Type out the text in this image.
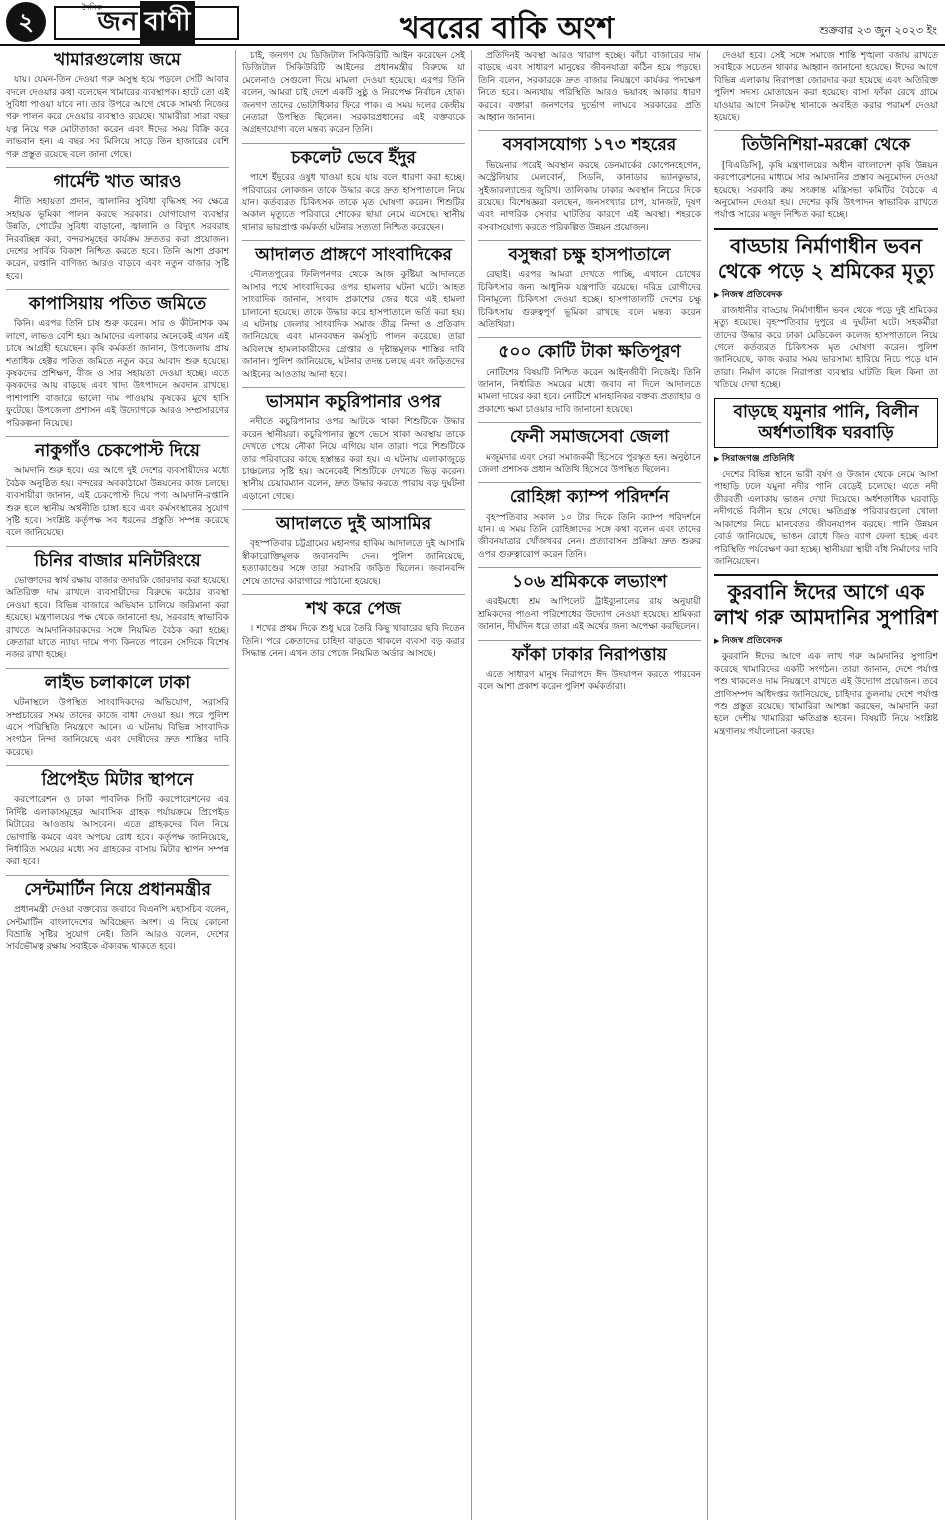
২	জন বাণী
দৈনিক
খবরের বাকি অংশ	শুক্রবার ২৩ জুন ২০২৩ ইং
খামারগুলোয় জমে

যায়। যেমন-তিন দেওয়া গরু অসুস্থ হয়ে পড়লে সেটি আবার বদলে দেওয়ার কথা বলেছেন খামারের ব্যবস্থাপক। হাটে তো এই সুবিধা পাওয়া যাবে না। তার উপরে আগে থেকে সামর্থ্য নিজের গরু পালন করে দেওয়ার ব্যবস্থাও রয়েছে। খামারীরা সারা বছর যত্ন নিয়ে গরু মোটাতাজা করেন এবং ঈদের সময় বিক্রি করে লাভবান হন। এ বছর সব মিলিয়ে সাড়ে তিন হাজারের বেশি গরু প্রস্তুত রয়েছে বলে জানা গেছে।

গার্মেন্ট খাত আরও

নীতি সহায়তা প্রদান, জ্বালানির সুবিধা বৃদ্ধিসহ সব ক্ষেত্রে সহায়ক ভূমিকা পালন করছে সরকার। যোগাযোগ ব্যবস্থার উন্নতি, পোর্টের সুবিধা বাড়ানো, জ্বালানি ও বিদ্যুৎ সরবরাহ নিরবচ্ছিন্ন করা, বন্দরসমূহের কার্যক্রম দ্রুততর করা প্রয়োজন। দেশের সার্বিক বিকাশ নিশ্চিত করতে হবে। তিনি আশা প্রকাশ করেন, রপ্তানি বাণিজ্য আরও বাড়বে এবং নতুন বাজার সৃষ্টি হবে।

কাপাসিয়ায় পতিত জমিতে

কিনি। এরপর তিনি চাষ শুরু করেন। সার ও কীটনাশক কম লাগে, লাভও বেশি হয়। আমাদের এলাকার অনেকেই এখন এই চাষে আগ্রহী হয়েছেন। কৃষি কর্মকর্তা জানান, উপজেলায় প্রায় শতাধিক হেক্টর পতিত জমিতে নতুন করে আবাদ শুরু হয়েছে। কৃষকদের প্রশিক্ষণ, বীজ ও সার সহায়তা দেওয়া হচ্ছে। এতে কৃষকদের আয় বাড়ছে এবং খাদ্য উৎপাদনে অবদান রাখছে। পাশাপাশি বাজারে ভালো দাম পাওয়ায় কৃষকের মুখে হাসি ফুটেছে। উপজেলা প্রশাসন এই উদ্যোগকে আরও সম্প্রসারণের পরিকল্পনা নিয়েছে।

নাকুগাঁও চেকপোস্ট দিয়ে

আমদানি শুরু হবে। এর আগে দুই দেশের ব্যবসায়ীদের মধ্যে বৈঠক অনুষ্ঠিত হয়। বন্দরের অবকাঠামো উন্নয়নের কাজ চলছে। ব্যবসায়ীরা জানান, এই চেকপোস্ট দিয়ে পণ্য আমদানি-রপ্তানি শুরু হলে স্থানীয় অর্থনীতি চাঙ্গা হবে এবং কর্মসংস্থানের সুযোগ সৃষ্টি হবে। সংশ্লিষ্ট কর্তৃপক্ষ সব ধরনের প্রস্তুতি সম্পন্ন করেছে বলে জানিয়েছে।

চিনির বাজার মনিটরিংয়ে

ভোক্তাদের স্বার্থ রক্ষায় বাজার তদারকি জোরদার করা হয়েছে। অতিরিক্ত দাম রাখলে ব্যবসায়ীদের বিরুদ্ধে কঠোর ব্যবস্থা নেওয়া হবে। বিভিন্ন বাজারে অভিযান চালিয়ে জরিমানা করা হয়েছে। মন্ত্রণালয়ের পক্ষ থেকে জানানো হয়, সরবরাহ স্বাভাবিক রাখতে আমদানিকারকদের সঙ্গে নিয়মিত বৈঠক করা হচ্ছে। ক্রেতারা যাতে ন্যায্য দামে পণ্য কিনতে পারেন সেদিকে বিশেষ নজর রাখা হচ্ছে।

লাইভ চলাকালে ঢাকা

ঘটনাস্থলে উপস্থিত সাংবাদিকদের অভিযোগ, সরাসরি সম্প্রচারের সময় তাদের কাজে বাধা দেওয়া হয়। পরে পুলিশ এসে পরিস্থিতি নিয়ন্ত্রণে আনে। এ ঘটনায় বিভিন্ন সাংবাদিক সংগঠন নিন্দা জানিয়েছে এবং দোষীদের দ্রুত শাস্তির দাবি করেছে।

প্রিপেইড মিটার স্থাপনে

করপোরেশন ও ঢাকা পাবলিক সিটি করপোরেশনের এর নির্দিষ্ট এলাকাসমূহের আবাসিক গ্রাহক পর্যায়ক্রমে প্রিপেইড মিটারের আওতায় আসবেন। এতে গ্রাহকদের বিল নিয়ে ভোগান্তি কমবে এবং অপচয় রোধ হবে। কর্তৃপক্ষ জানিয়েছে, নির্ধারিত সময়ের মধ্যে সব গ্রাহকের বাসায় মিটার স্থাপন সম্পন্ন করা হবে।

সেন্টমার্টিন নিয়ে প্রধানমন্ত্রীর

প্রধানমন্ত্রী দেওয়া বক্তব্যের জবাবে বিএনপি মহাসচিব বলেন, সেন্টমার্টিন বাংলাদেশের অবিচ্ছেদ্য অংশ। এ নিয়ে কোনো বিভ্রান্তি সৃষ্টির সুযোগ নেই। তিনি আরও বলেন, দেশের সার্বভৌমত্ব রক্ষায় সবাইকে ঐক্যবদ্ধ থাকতে হবে।

চাই, জনগণ যে ডিজিটাল সিকিউরিটি আইন করেছেন সেই ডিজিটাল সিকিউরিটি আইনের প্রধানমন্ত্রীর বিরুদ্ধে যা মেলেনাও সেগুলো দিয়ে মামলা দেওয়া হয়েছে। এরপর তিনি বলেন, আমরা চাই দেশে একটি সুষ্ঠু ও নিরপেক্ষ নির্বাচন হোক। জনগণ তাদের ভোটাধিকার ফিরে পাক। এ সময় দলের কেন্দ্রীয় নেতারা উপস্থিত ছিলেন। সরকারপ্রধানের এই বক্তব্যকে অগ্রহণযোগ্য বলে মন্তব্য করেন তিনি।

চকলেট ভেবে ইঁদুর

পাশে ইঁদুরের ওষুধ খাওয়া হয়ে যায় বলে ধারণা করা হচ্ছে। পরিবারের লোকজন তাকে উদ্ধার করে দ্রুত হাসপাতালে নিয়ে যান। কর্তব্যরত চিকিৎসক তাকে মৃত ঘোষণা করেন। শিশুটির অকাল মৃত্যুতে পরিবারে শোকের ছায়া নেমে এসেছে। স্থানীয় থানার ভারপ্রাপ্ত কর্মকর্তা ঘটনার সত্যতা নিশ্চিত করেছেন।

আদালত প্রাঙ্গণে সাংবাদিকের

দৌলতপুরের ফিলিপনগর থেকে আজ কুষ্টিয়া আদালতে আসার পথে সাংবাদিকের ওপর হামলার ঘটনা ঘটে। আহত সাংবাদিক জানান, সংবাদ প্রকাশের জের ধরে এই হামলা চালানো হয়েছে। তাকে উদ্ধার করে হাসপাতালে ভর্তি করা হয়। এ ঘটনায় জেলার সাংবাদিক সমাজ তীব্র নিন্দা ও প্রতিবাদ জানিয়েছে এবং মানববন্ধন কর্মসূচি পালন করেছে। তারা অবিলম্বে হামলাকারীদের গ্রেপ্তার ও দৃষ্টান্তমূলক শাস্তির দাবি জানান। পুলিশ জানিয়েছে, ঘটনার তদন্ত চলছে এবং জড়িতদের আইনের আওতায় আনা হবে।

ভাসমান কচুরিপানার ওপর

নদীতে কচুরিপানার ওপর আটকে থাকা শিশুটিকে উদ্ধার করেন স্থানীয়রা। কচুরিপানার স্তূপে ভেসে থাকা অবস্থায় তাকে দেখতে পেয়ে নৌকা নিয়ে এগিয়ে যান তারা। পরে শিশুটিকে তার পরিবারের কাছে হস্তান্তর করা হয়। এ ঘটনায় এলাকাজুড়ে চাঞ্চল্যের সৃষ্টি হয়। অনেকেই শিশুটিকে দেখতে ভিড় করেন। স্থানীয় চেয়ারম্যান বলেন, দ্রুত উদ্ধার করতে পারায় বড় দুর্ঘটনা এড়ানো গেছে।

আদালতে দুই আসামির

বৃহস্পতিবার চট্টগ্রামের মহানগর হাকিম আদালতে দুই আসামি স্বীকারোক্তিমূলক জবানবন্দি দেন। পুলিশ জানিয়েছে, হত্যাকাণ্ডের সঙ্গে তারা সরাসরি জড়িত ছিলেন। জবানবন্দি শেষে তাদের কারাগারে পাঠানো হয়েছে।

শখ করে পেজ

। শখের প্রথম দিকে শুধু ঘরে তৈরি কিছু খাবারের ছবি দিতেন তিনি। পরে ক্রেতাদের চাহিদা বাড়তে থাকলে ব্যবসা বড় করার সিদ্ধান্ত নেন। এখন তার পেজে নিয়মিত অর্ডার আসছে।

প্রতিদিনই অবস্থা আরও খারাপ হচ্ছে। কাঁচা বাজারের দাম বাড়ছে এবং সাধারণ মানুষের জীবনযাত্রা কঠিন হয়ে পড়ছে। তিনি বলেন, সরকারকে দ্রুত বাজার নিয়ন্ত্রণে কার্যকর পদক্ষেপ নিতে হবে। অন্যথায় পরিস্থিতি আরও ভয়াবহ আকার ধারণ করবে। বক্তারা জনগণের দুর্ভোগ লাঘবে সরকারের প্রতি আহ্বান জানান।

বসবাসযোগ্য ১৭৩ শহরের

ভিয়েনার পরেই অবস্থান করছে ডেনমার্কের কোপেনহেগেন, অস্ট্রেলিয়ার মেলবোর্ন, সিডনি, কানাডার ভ্যানকুভার, সুইজারল্যান্ডের জুরিখ। তালিকায় ঢাকার অবস্থান নিচের দিকে রয়েছে। বিশেষজ্ঞরা বলছেন, জনসংখ্যার চাপ, যানজট, দূষণ এবং নাগরিক সেবার ঘাটতির কারণে এই অবস্থা। শহরকে বসবাসযোগ্য করতে পরিকল্পিত উন্নয়ন প্রয়োজন।

বসুন্ধরা চক্ষু হাসপাতালে

রেছাই। এরপর আমরা দেখতে পাচ্ছি, এখানে চোখের চিকিৎসার জন্য আধুনিক যন্ত্রপাতি রয়েছে। দরিদ্র রোগীদের বিনামূল্যে চিকিৎসা দেওয়া হচ্ছে। হাসপাতালটি দেশের চক্ষু চিকিৎসায় গুরুত্বপূর্ণ ভূমিকা রাখছে বলে মন্তব্য করেন অতিথিরা।

৫০০ কোটি টাকা ক্ষতিপূরণ

নোটিশের বিষয়টি নিশ্চিত করেন আইনজীবী নিজেই। তিনি জানান, নির্ধারিত সময়ের মধ্যে জবাব না দিলে আদালতে মামলা দায়ের করা হবে। নোটিশে মানহানিকর বক্তব্য প্রত্যাহার ও প্রকাশ্যে ক্ষমা চাওয়ার দাবি জানানো হয়েছে।

ফেনী সমাজসেবা জেলা

মজুমদার এবং সেরা সমাজকর্মী হিসেবে পুরস্কৃত হন। অনুষ্ঠানে জেলা প্রশাসক প্রধান অতিথি হিসেবে উপস্থিত ছিলেন।

রোহিঙ্গা ক্যাম্প পরিদর্শন

বৃহস্পতিবার সকাল ১০ টার দিকে তিনি ক্যাম্প পরিদর্শনে যান। এ সময় তিনি রোহিঙ্গাদের সঙ্গে কথা বলেন এবং তাদের জীবনযাত্রার খোঁজখবর নেন। প্রত্যাবাসন প্রক্রিয়া দ্রুত শুরুর ওপর গুরুত্বারোপ করেন তিনি।

১০৬ শ্রমিককে লভ্যাংশ

এরইমধ্যে শ্রম আপিলেট ট্রাইব্যুনালের রায় অনুযায়ী শ্রমিকদের পাওনা পরিশোধের উদ্যোগ নেওয়া হয়েছে। শ্রমিকরা জানান, দীর্ঘদিন ধরে তারা এই অর্থের জন্য অপেক্ষা করছিলেন।

ফাঁকা ঢাকার নিরাপত্তায়

এতে সাধারণ মানুষ নিরাপদে ঈদ উদযাপন করতে পারবেন বলে আশা প্রকাশ করেন পুলিশ কর্মকর্তারা।

দেওয়া হবে। সেই সঙ্গে সমাজে শান্তি শৃঙ্খলা বজায় রাখতে সবাইকে সচেতন থাকার আহ্বান জানানো হয়েছে। ঈদের আগে বিভিন্ন এলাকায় নিরাপত্তা জোরদার করা হয়েছে এবং অতিরিক্ত পুলিশ সদস্য মোতায়েন করা হয়েছে। বাসা ফাঁকা রেখে গ্রামে যাওয়ার আগে নিকটস্থ থানাকে অবহিত করার পরামর্শ দেওয়া হয়েছে।

তিউনিশিয়া-মরক্কো থেকে

[বিএডিসি], কৃষি মন্ত্রণালয়ের অধীন বাংলাদেশ কৃষি উন্নয়ন করপোরেশনের মাধ্যমে সার আমদানির প্রস্তাব অনুমোদন দেওয়া হয়েছে। সরকারি ক্রয় সংক্রান্ত মন্ত্রিসভা কমিটির বৈঠকে এ অনুমোদন দেওয়া হয়। দেশের কৃষি উৎপাদন স্বাভাবিক রাখতে পর্যাপ্ত সারের মজুদ নিশ্চিত করা হচ্ছে।

বাড্ডায় নির্মাণাধীন ভবন থেকে পড়ে ২ শ্রমিকের মৃত্যু
▶ নিজস্ব প্রতিবেদক

রাজধানীর বাড্ডায় নির্মাণাধীন ভবন থেকে পড়ে দুই শ্রমিকের মৃত্যু হয়েছে। বৃহস্পতিবার দুপুরে এ দুর্ঘটনা ঘটে। সহকর্মীরা তাদের উদ্ধার করে ঢাকা মেডিকেল কলেজ হাসপাতালে নিয়ে গেলে কর্তব্যরত চিকিৎসক মৃত ঘোষণা করেন। পুলিশ জানিয়েছে, কাজ করার সময় ভারসাম্য হারিয়ে নিচে পড়ে যান তারা। নির্মাণ কাজে নিরাপত্তা ব্যবস্থার ঘাটতি ছিল কিনা তা খতিয়ে দেখা হচ্ছে।

বাড়ছে যমুনার পানি, বিলীন অর্ধশতাধিক ঘরবাড়ি
▶ সিরাজগঞ্জ প্রতিনিধি

দেশের বিভিন্ন স্থানে ভারী বর্ষণ ও উজান থেকে নেমে আসা পাহাড়ি ঢলে যমুনা নদীর পানি বেড়েই চলেছে। এতে নদী তীরবর্তী এলাকায় ভাঙন দেখা দিয়েছে। অর্ধশতাধিক ঘরবাড়ি নদীগর্ভে বিলীন হয়ে গেছে। ক্ষতিগ্রস্ত পরিবারগুলো খোলা আকাশের নিচে মানবেতর জীবনযাপন করছে। পানি উন্নয়ন বোর্ড জানিয়েছে, ভাঙন রোধে জিও ব্যাগ ফেলা হচ্ছে এবং পরিস্থিতি পর্যবেক্ষণ করা হচ্ছে। স্থানীয়রা স্থায়ী বাঁধ নির্মাণের দাবি জানিয়েছেন।

কুরবানি ঈদের আগে এক লাখ গরু আমদানির সুপারিশ
▶ নিজস্ব প্রতিবেদক

কুরবানি ঈদের আগে এক লাখ গরু আমদানির সুপারিশ করেছে খামারিদের একটি সংগঠন। তারা জানান, দেশে পর্যাপ্ত পশু থাকলেও দাম নিয়ন্ত্রণে রাখতে এই উদ্যোগ প্রয়োজন। তবে প্রাণিসম্পদ অধিদপ্তর জানিয়েছে, চাহিদার তুলনায় দেশে পর্যাপ্ত পশু প্রস্তুত রয়েছে। খামারিরা আশঙ্কা করছেন, আমদানি করা হলে দেশীয় খামারিরা ক্ষতিগ্রস্ত হবেন। বিষয়টি নিয়ে সংশ্লিষ্ট মন্ত্রণালয় পর্যালোচনা করছে।
